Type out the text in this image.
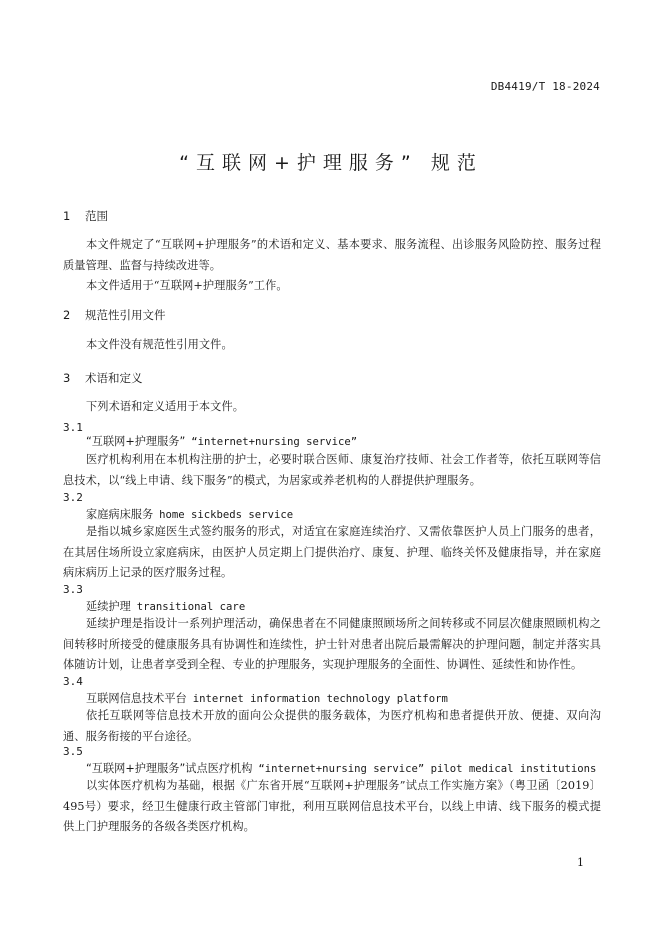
DB4419/T 18-2024
“互联网+护理服务” 规范
1 范围
本文件规定了“互联网+护理服务”的术语和定义、基本要求、服务流程、出诊服务风险防控、服务过程质量管理、监督与持续改进等。
本文件适用于“互联网+护理服务”工作。
2 规范性引用文件
本文件没有规范性引用文件。
3 术语和定义
下列术语和定义适用于本文件。
3.1
“互联网+护理服务” “internet+nursing service”
医疗机构利用在本机构注册的护士，必要时联合医师、康复治疗技师、社会工作者等，依托互联网等信息技术，以“线上申请、线下服务”的模式，为居家或养老机构的人群提供护理服务。
3.2
家庭病床服务 home sickbeds service
是指以城乡家庭医生式签约服务的形式，对适宜在家庭连续治疗、又需依靠医护人员上门服务的患者，在其居住场所设立家庭病床，由医护人员定期上门提供治疗、康复、护理、临终关怀及健康指导，并在家庭病床病历上记录的医疗服务过程。
3.3
延续护理 transitional care
延续护理是指设计一系列护理活动，确保患者在不同健康照顾场所之间转移或不同层次健康照顾机构之间转移时所接受的健康服务具有协调性和连续性，护士针对患者出院后最需解决的护理问题，制定并落实具体随访计划，让患者享受到全程、专业的护理服务，实现护理服务的全面性、协调性、延续性和协作性。
3.4
互联网信息技术平台 internet information technology platform
依托互联网等信息技术开放的面向公众提供的服务载体，为医疗机构和患者提供开放、便捷、双向沟通、服务衔接的平台途径。
3.5
“互联网+护理服务”试点医疗机构 “internet+nursing service” pilot medical institutions
以实体医疗机构为基础，根据《广东省开展“互联网+护理服务”试点工作实施方案》（粤卫函〔2019〕495号）要求，经卫生健康行政主管部门审批，利用互联网信息技术平台，以线上申请、线下服务的模式提供上门护理服务的各级各类医疗机构。
1
